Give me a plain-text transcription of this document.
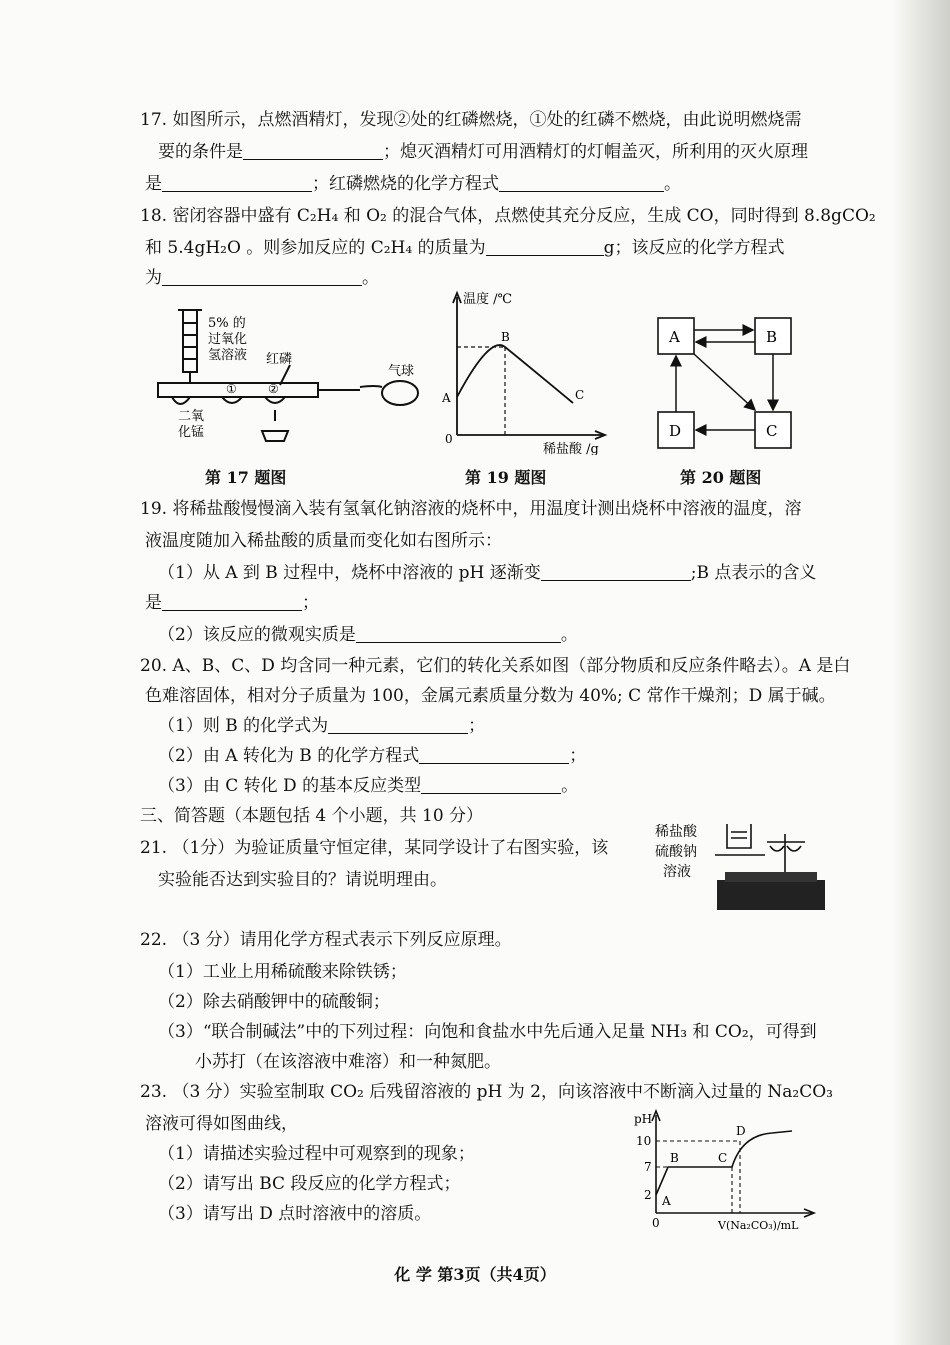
17. 如图所示，点燃酒精灯，发现②处的红磷燃烧，①处的红磷不燃烧，由此说明燃烧需
要的条件是	；熄灭酒精灯可用酒精灯的灯帽盖灭，所利用的灭火原理
是	；红磷燃烧的化学方程式	。
18. 密闭容器中盛有 C₂H₄ 和 O₂ 的混合气体，点燃使其充分反应，生成 CO，同时得到 8.8gCO₂
和 5.4gH₂O 。则参加反应的 C₂H₄ 的质量为	g；该反应的化学方程式
为	。
5% 的
过氧化
氢溶液 红磷
气球
①	②
二氧
化锰
第 17 题图
温度 /℃
稀盐酸 /g
0
A
B
C
第 19 题图
A	B
D	C
第 20 题图
19. 将稀盐酸慢慢滴入装有氢氧化钠溶液的烧杯中，用温度计测出烧杯中溶液的温度，溶
液温度随加入稀盐酸的质量而变化如右图所示：
（1）从 A 到 B 过程中，烧杯中溶液的 pH 逐渐变	;B 点表示的含义
是	；
（2）该反应的微观实质是	。
20. A、B、C、D 均含同一种元素，它们的转化关系如图（部分物质和反应条件略去）。A 是白
色难溶固体，相对分子质量为 100，金属元素质量分数为 40%; C 常作干燥剂；D 属于碱。
（1）则 B 的化学式为	；
（2）由 A 转化为 B 的化学方程式	；
（3）由 C 转化 D 的基本反应类型	。
三、简答题（本题包括 4 个小题，共 10 分）
21. （1分）为验证质量守恒定律，某同学设计了右图实验，该
实验能否达到实验目的？请说明理由。
稀盐酸
硫酸钠
溶液
22. （3 分）请用化学方程式表示下列反应原理。
（1）工业上用稀硫酸来除铁锈；
（2）除去硝酸钾中的硫酸铜；
（3）“联合制碱法”中的下列过程：向饱和食盐水中先后通入足量 NH₃ 和 CO₂，可得到
小苏打（在该溶液中难溶）和一种氮肥。
23. （3 分）实验室制取 CO₂ 后残留溶液的 pH 为 2，向该溶液中不断滴入过量的 Na₂CO₃
溶液可得如图曲线，
（1）请描述实验过程中可观察到的现象；
（2）请写出 BC 段反应的化学方程式；
（3）请写出 D 点时溶液中的溶质。
pH
10
7
2
0	V(Na₂CO₃)/mL
A
B	C
D
化 学 第3页（共4页）
